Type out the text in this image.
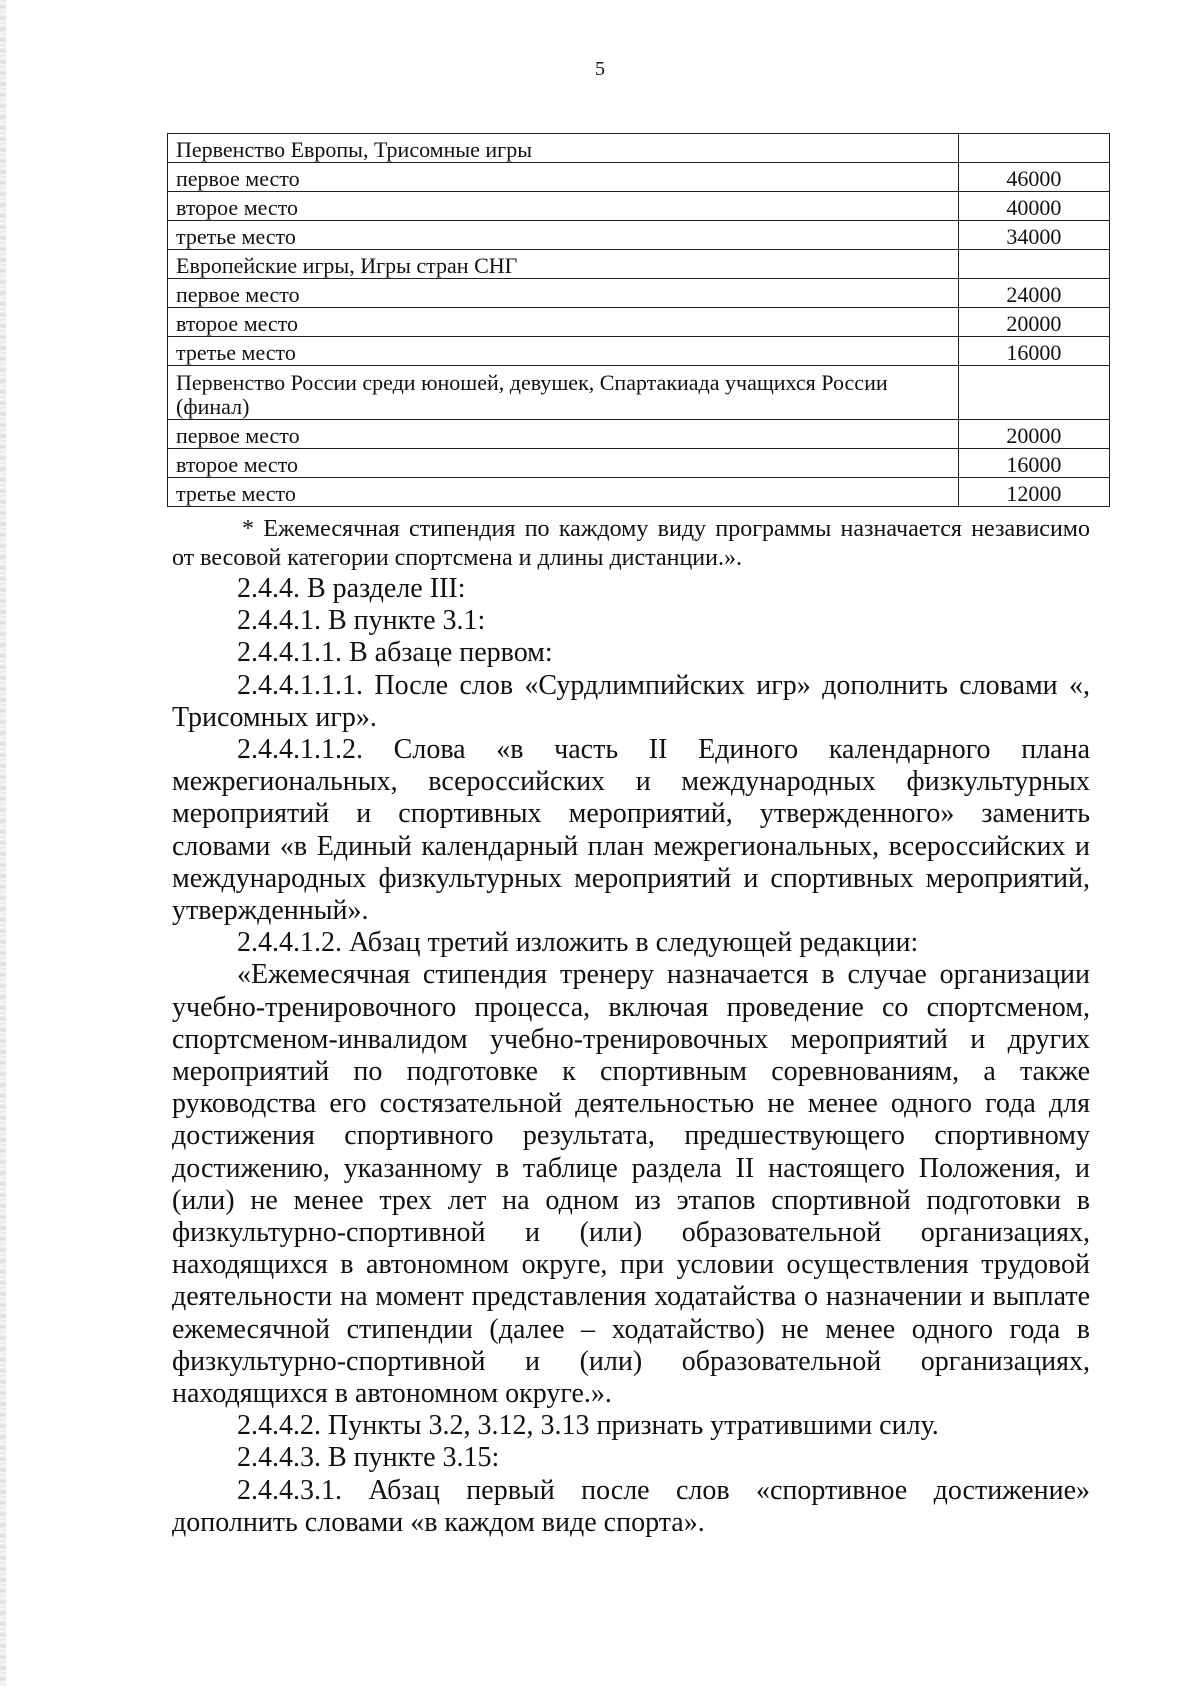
5
Первенство Европы, Трисомные игры	
первое место	46000
второе место	40000
третье место	34000
Европейские игры, Игры стран СНГ	
первое место	24000
второе место	20000
третье место	16000
Первенство России среди юношей, девушек, Спартакиада учащихся России (финал)	
первое место	20000
второе место	16000
третье место	12000

* Ежемесячная стипендия по каждому виду программы назначается независимо от весовой категории спортсмена и длины дистанции.».

2.4.4. В разделе III:

2.4.4.1. В пункте 3.1:

2.4.4.1.1. В абзаце первом:

2.4.4.1.1.1. После слов «Сурдлимпийских игр» дополнить словами «, Трисомных игр».

2.4.4.1.1.2. Слова «в часть II Единого календарного плана межрегиональных, всероссийских и международных физкультурных мероприятий и спортивных мероприятий, утвержденного» заменить словами «в Единый календарный план межрегиональных, всероссийских и международных физкультурных мероприятий и спортивных мероприятий, утвержденный».

2.4.4.1.2. Абзац третий изложить в следующей редакции:

«Ежемесячная стипендия тренеру назначается в случае организации учебно-тренировочного процесса, включая проведение со спортсменом, спортсменом-инвалидом учебно-тренировочных мероприятий и других мероприятий по подготовке к спортивным соревнованиям, а также руководства его состязательной деятельностью не менее одного года для достижения спортивного результата, предшествующего спортивному достижению, указанному в таблице раздела II настоящего Положения, и (или) не менее трех лет на одном из этапов спортивной подготовки в физкультурно-спортивной и (или) образовательной организациях, находящихся в автономном округе, при условии осуществления трудовой деятельности на момент представления ходатайства о назначении и выплате ежемесячной стипендии (далее – ходатайство) не менее одного года в физкультурно-спортивной и (или) образовательной организациях, находящихся в автономном округе.».

2.4.4.2. Пункты 3.2, 3.12, 3.13 признать утратившими силу.

2.4.4.3. В пункте 3.15:

2.4.4.3.1. Абзац первый после слов «спортивное достижение» дополнить словами «в каждом виде спорта».
